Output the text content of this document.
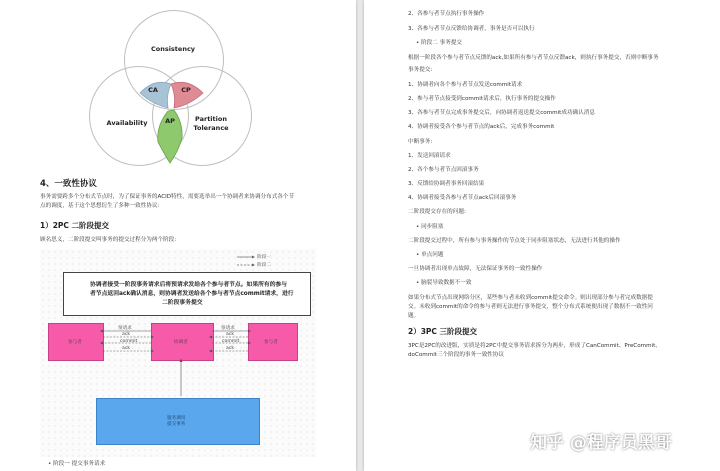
Consistency
Availability	Partition
Tolerance
CA	CP
AP
4、一致性协议
事务需要跨多个分布式节点时，为了保证事务的ACID特性，需要选举出一个协调者来协调分布式各个节
点的调度，基于这个思想衍生了多种一致性协议:
1）2PC 二阶段提交
顾名思义，二阶段提交叫事务的提交过程分为两个阶段:
阶段一
阶段二
协调者接受一阶段事务请求后将预请求发给各个参与者节点。如果所有的参与
者节点返回ack确认消息，则协调者发送给各个参与者节点commit请求，进行
二阶段事务提交
参与者	协调者	参与者
预请求
ack
commit
ack
预请求
ack
commit
ack
服务调用
提交事务
• 阶段一 提交事务请求
2、各参与者节点执行事务操作
3、各参与者节点反馈给协调者，事务是否可以执行
• 阶段二 事务提交
根据一阶段各个参与者节点反馈的ack,如果所有参与者节点反馈ack，则执行事务提交，否则中断事务
事务提交:
1、协调者向各个参与者节点发送commit请求
2、参与者节点接受到commit请求后，执行事务的提交操作
3、各参与者节点完成事务提交后，向协调者返送提交commit成功确认消息
4、协调者接受各个参与者节点的ack后，完成事务commit
中断事务:
1、发送回滚请求
2、各个参与者节点回滚事务
3、反馈给协调者事务回滚结果
4、协调者接受各参与者节点ack后回滚事务
二阶段提交存在的问题:
• 同步阻塞
二阶段提交过程中，所有参与事务操作的节点处于同步阻塞状态，无法进行其他的操作
• 单点问题
一旦协调者出现单点故障，无法保证事务的一致性操作
• 脑裂导致数据不一致
如果分布式节点出现网络分区，某些参与者未收到commit提交命令。则出现部分参与者完成数据提
交。未收到commit的命令的参与者则无法进行事务提交，整个分布式系统便出现了数据不一致性问
题。
2）3PC 三阶段提交
3PC是2PC的改进版，实质是将2PC中提交事务请求拆分为两步，形成了CanCommit、PreCommit、
doCommit三个阶段的事务一致性协议
知乎 @程序员黑哥
